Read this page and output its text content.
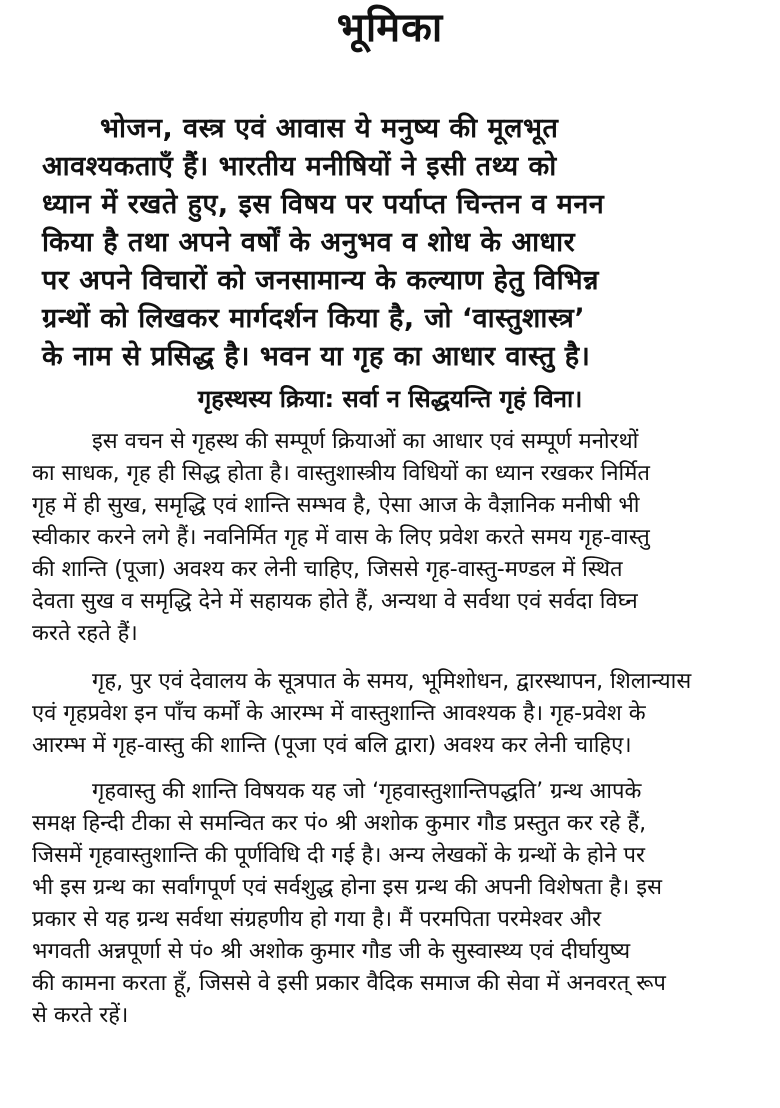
भूमिका

भोजन, वस्त्र एवं आवास ये मनुष्य की मूलभूत

आवश्यकताएँ हैं। भारतीय मनीषियों ने इसी तथ्य को

ध्यान में रखते हुए, इस विषय पर पर्याप्त चिन्तन व मनन

किया है तथा अपने वर्षों के अनुभव व शोध के आधार

पर अपने विचारों को जनसामान्य के कल्याण हेतु विभिन्न

ग्रन्थों को लिखकर मार्गदर्शन किया है, जो ‘वास्तुशास्त्र’

के नाम से प्रसिद्ध है। भवन या गृह का आधार वास्तु है।

गृहस्थस्य क्रिया: सर्वा न सिद्धयन्ति गृहं विना।

इस वचन से गृहस्थ की सम्पूर्ण क्रियाओं का आधार एवं सम्पूर्ण मनोरथों

का साधक, गृह ही सिद्ध होता है। वास्तुशास्त्रीय विधियों का ध्यान रखकर निर्मित

गृह में ही सुख, समृद्धि एवं शान्ति सम्भव है, ऐसा आज के वैज्ञानिक मनीषी भी

स्वीकार करने लगे हैं। नवनिर्मित गृह में वास के लिए प्रवेश करते समय गृह-वास्तु

की शान्ति (पूजा) अवश्य कर लेनी चाहिए, जिससे गृह-वास्तु-मण्डल में स्थित

देवता सुख व समृद्धि देने में सहायक होते हैं, अन्यथा वे सर्वथा एवं सर्वदा विघ्न

करते रहते हैं।

गृह, पुर एवं देवालय के सूत्रपात के समय, भूमिशोधन, द्वारस्थापन, शिलान्यास

एवं गृहप्रवेश इन पाँच कर्मों के आरम्भ में वास्तुशान्ति आवश्यक है। गृह-प्रवेश के

आरम्भ में गृह-वास्तु की शान्ति (पूजा एवं बलि द्वारा) अवश्य कर लेनी चाहिए।

गृहवास्तु की शान्ति विषयक यह जो ‘गृहवास्तुशान्तिपद्धति’ ग्रन्थ आपके

समक्ष हिन्दी टीका से समन्वित कर पं० श्री अशोक कुमार गौड प्रस्तुत कर रहे हैं,

जिसमें गृहवास्तुशान्ति की पूर्णविधि दी गई है। अन्य लेखकों के ग्रन्थों के होने पर

भी इस ग्रन्थ का सर्वांगपूर्ण एवं सर्वशुद्ध होना इस ग्रन्थ की अपनी विशेषता है। इस

प्रकार से यह ग्रन्थ सर्वथा संग्रहणीय हो गया है। मैं परमपिता परमेश्वर और

भगवती अन्नपूर्णा से पं० श्री अशोक कुमार गौड जी के सुस्वास्थ्य एवं दीर्घायुष्य

की कामना करता हूँ, जिससे वे इसी प्रकार वैदिक समाज की सेवा में अनवरत् रूप

से करते रहें।
